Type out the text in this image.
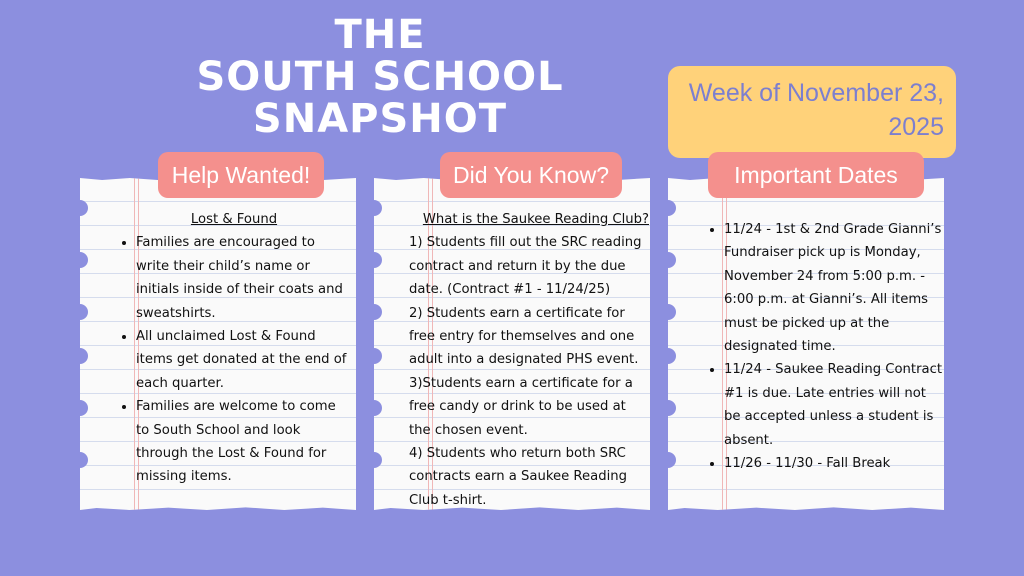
THE
SOUTH SCHOOL
SNAPSHOT
Week of November 23, 2025
Help Wanted!

Lost & Found

• Families are encouraged to write their child’s name or initials inside of their coats and sweatshirts.
• All unclaimed Lost & Found items get donated at the end of each quarter.
• Families are welcome to come to South School and look through the Lost & Found for missing items.
Did You Know?

What is the Saukee Reading Club?

1) Students fill out the SRC reading contract and return it by the due date. (Contract #1 - 11/24/25)

2) Students earn a certificate for free entry for themselves and one adult into a designated PHS event.

3)Students earn a certificate for a free candy or drink to be used at the chosen event.

4) Students who return both SRC contracts earn a Saukee Reading Club t-shirt.

Important Dates
• 11/24 - 1st & 2nd Grade Gianni’s Fundraiser pick up is Monday, November 24 from 5:00 p.m. - 6:00 p.m. at Gianni’s. All items must be picked up at the designated time.
• 11/24 - Saukee Reading Contract #1 is due. Late entries will not be accepted unless a student is absent.
• 11/26 - 11/30 - Fall Break
